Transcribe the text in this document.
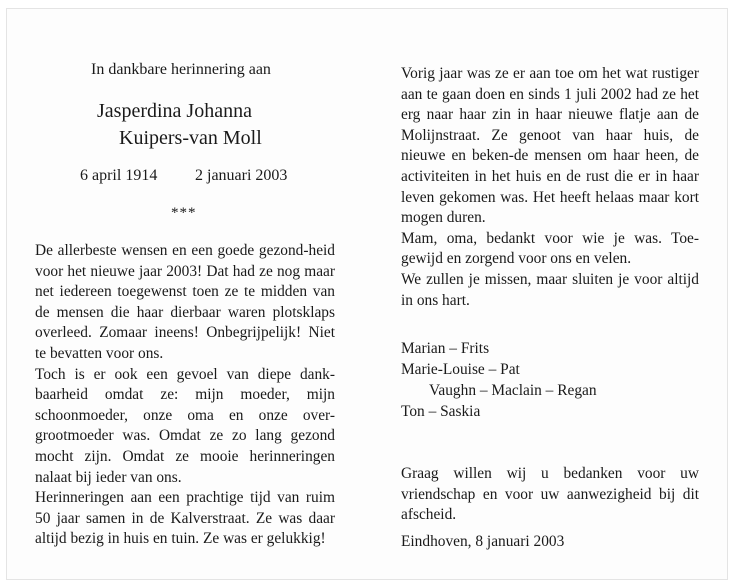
In dankbare herinnering aan
Jasperdina Johanna
Kuipers-van Moll
6 april 1914 2 januari 2003
***

De allerbeste wensen en een goede gezond-heid voor het nieuwe jaar 2003! Dat had ze nog maar net iedereen toegewenst toen ze te midden van de mensen die haar dierbaar waren plotsklaps overleed. Zomaar ineens! Onbegrijpelijk! Niet te bevatten voor ons.

Toch is er ook een gevoel van diepe dank-baarheid omdat ze: mijn moeder, mijn schoonmoeder, onze oma en onze over-grootmoeder was. Omdat ze zo lang gezond mocht zijn. Omdat ze mooie herinneringen nalaat bij ieder van ons.

Herinneringen aan een prachtige tijd van ruim 50 jaar samen in de Kalverstraat. Ze was daar altijd bezig in huis en tuin. Ze was er gelukkig!

Vorig jaar was ze er aan toe om het wat rustiger aan te gaan doen en sinds 1 juli 2002 had ze het erg naar haar zin in haar nieuwe flatje aan de Molijnstraat. Ze genoot van haar huis, de nieuwe en beken-de mensen om haar heen, de activiteiten in het huis en de rust die er in haar leven gekomen was. Het heeft helaas maar kort mogen duren.

Mam, oma, bedankt voor wie je was. Toe-gewijd en zorgend voor ons en velen.

We zullen je missen, maar sluiten je voor altijd in ons hart.

Marian – Frits
Marie-Louise – Pat
Vaughn – Maclain – Regan
Ton – Saskia

Graag willen wij u bedanken voor uw vriendschap en voor uw aanwezigheid bij dit afscheid.

Eindhoven, 8 januari 2003
